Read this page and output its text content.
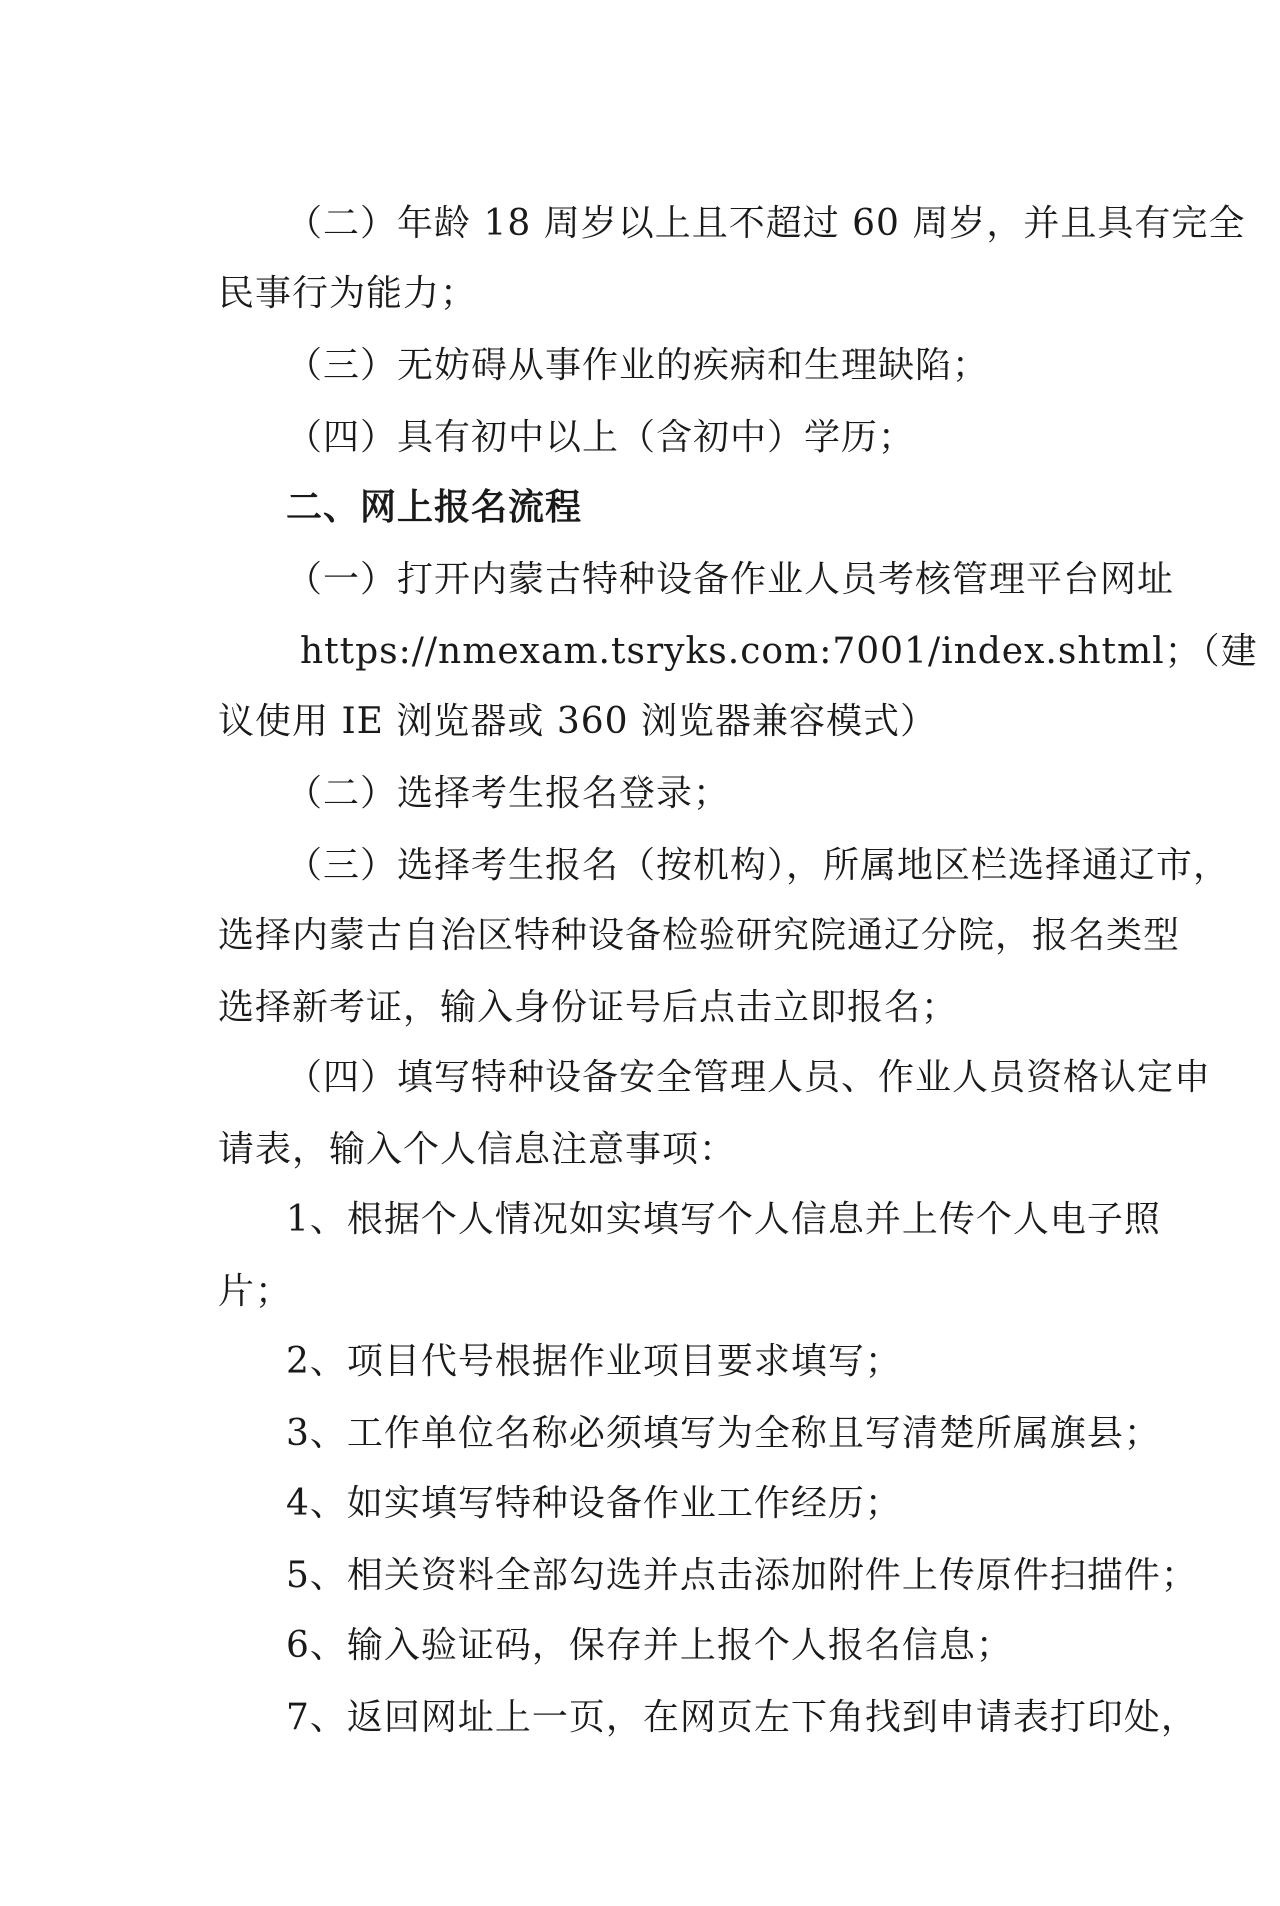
（二）年龄 18 周岁以上且不超过 60 周岁，并且具有完全
民事行为能力；
（三）无妨碍从事作业的疾病和生理缺陷；
（四）具有初中以上（含初中）学历；
二、网上报名流程
（一）打开内蒙古特种设备作业人员考核管理平台网址
https://nmexam.tsryks.com:7001/index.shtml；（建
议使用 IE 浏览器或 360 浏览器兼容模式）
（二）选择考生报名登录；
（三）选择考生报名（按机构），所属地区栏选择通辽市，
选择内蒙古自治区特种设备检验研究院通辽分院，报名类型
选择新考证，输入身份证号后点击立即报名；
（四）填写特种设备安全管理人员、作业人员资格认定申
请表，输入个人信息注意事项：
1、根据个人情况如实填写个人信息并上传个人电子照
片；
2、项目代号根据作业项目要求填写；
3、工作单位名称必须填写为全称且写清楚所属旗县；
4、如实填写特种设备作业工作经历；
5、相关资料全部勾选并点击添加附件上传原件扫描件；
6、输入验证码，保存并上报个人报名信息；
7、返回网址上一页，在网页左下角找到申请表打印处，
